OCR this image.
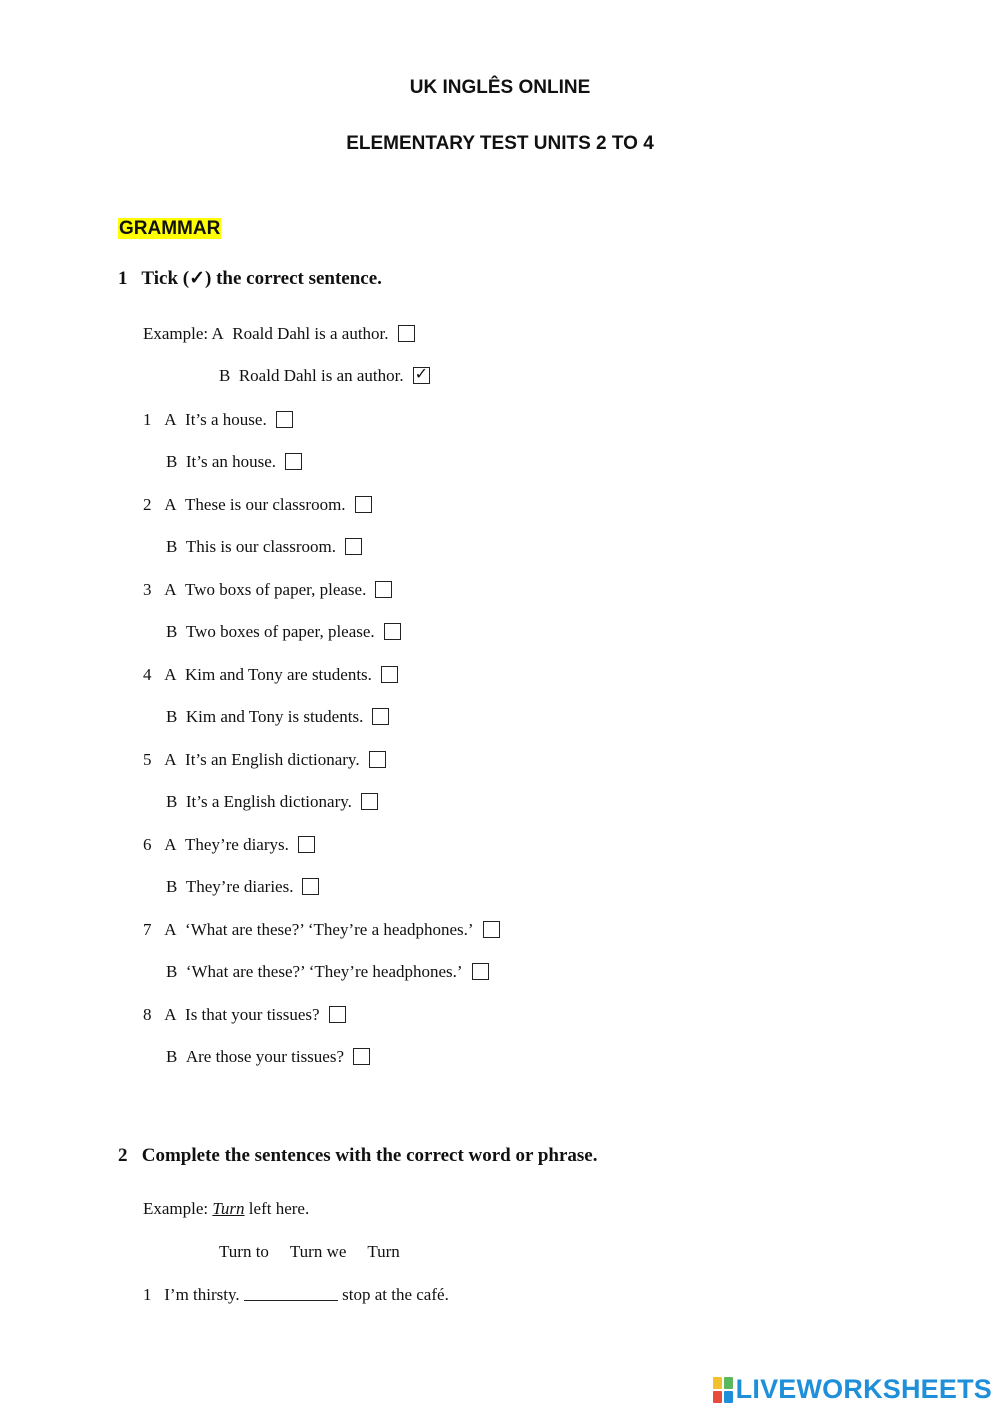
UK INGLÊS ONLINE
ELEMENTARY TEST UNITS 2 TO 4
GRAMMAR
1 Tick (✓) the correct sentence.
Example: A Roald Dahl is a author.
B Roald Dahl is an author.✓
1 A It’s a house.
B It’s an house.
2 A These is our classroom.
B This is our classroom.
3 A Two boxs of paper, please.
B Two boxes of paper, please.
4 A Kim and Tony are students.
B Kim and Tony is students.
5 A It’s an English dictionary.
B It’s a English dictionary.
6 A They’re diarys.
B They’re diaries.
7 A ‘What are these?’ ‘They’re a headphones.’
B ‘What are these?’ ‘They’re headphones.’
8 A Is that your tissues?
B Are those your tissues?
2 Complete the sentences with the correct word or phrase.
Example: Turn left here.
Turn to Turn we Turn
1 I’m thirsty.	stop at the café.
LIVEWORKSHEETS
